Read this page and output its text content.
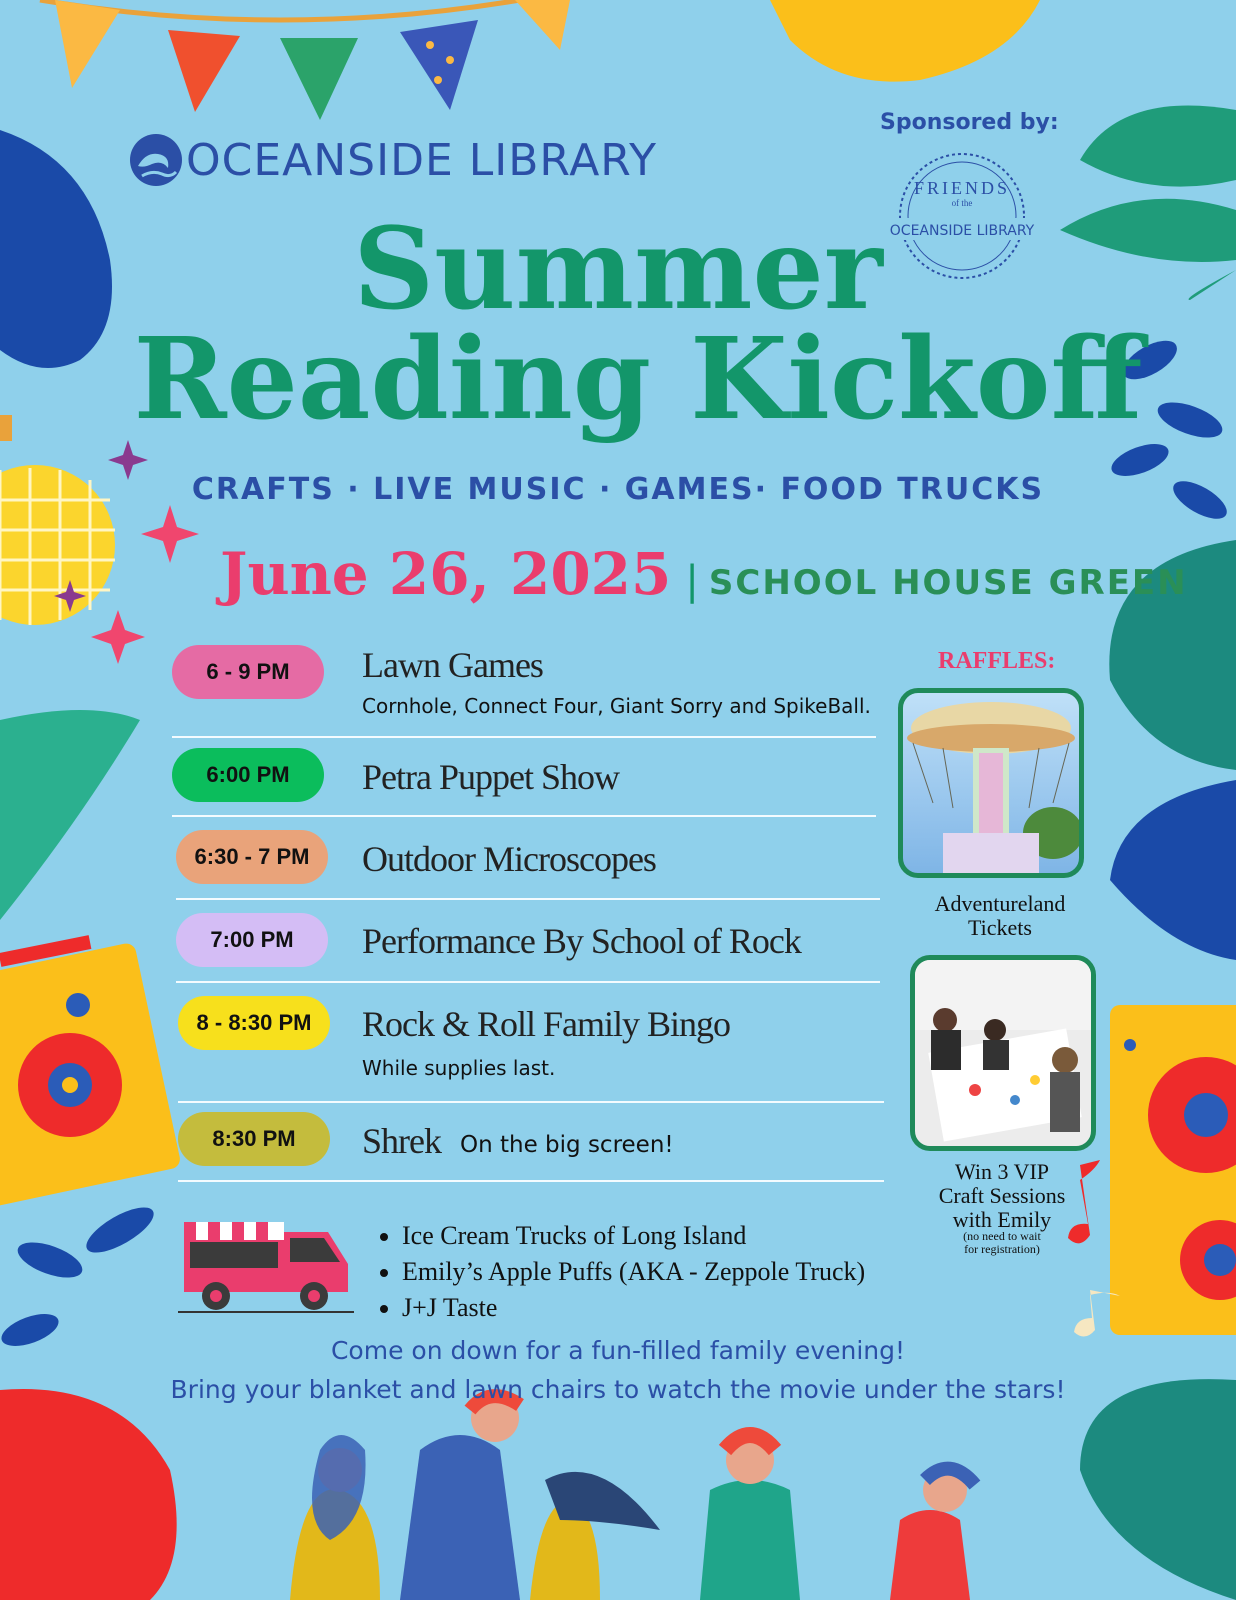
OCEANSIDE LIBRARY
Sponsored by:
FRIENDS
of the
OCEANSIDE LIBRARY
Summer
Reading Kickoff
CRAFTS · LIVE MUSIC · GAMES· FOOD TRUCKS
June 26, 2025 | SCHOOL HOUSE GREEN
6 - 9 PM	Lawn Games
Cornhole, Connect Four, Giant Sorry and SpikeBall.
6:00 PM	Petra Puppet Show
6:30 - 7 PM	Outdoor Microscopes
7:00 PM	Performance By School of Rock
8 - 8:30 PM	Rock & Roll Family Bingo
While supplies last.
8:30 PM	Shrek On the big screen!
RAFFLES:
Adventureland
Tickets
Win 3 VIP
Craft Sessions
with Emily
(no need to wait
for registration)
• Ice Cream Trucks of Long Island
• Emily’s Apple Puffs (AKA - Zeppole Truck)
• J+J Taste
Come on down for a fun-filled family evening!
Bring your blanket and lawn chairs to watch the movie under the stars!
